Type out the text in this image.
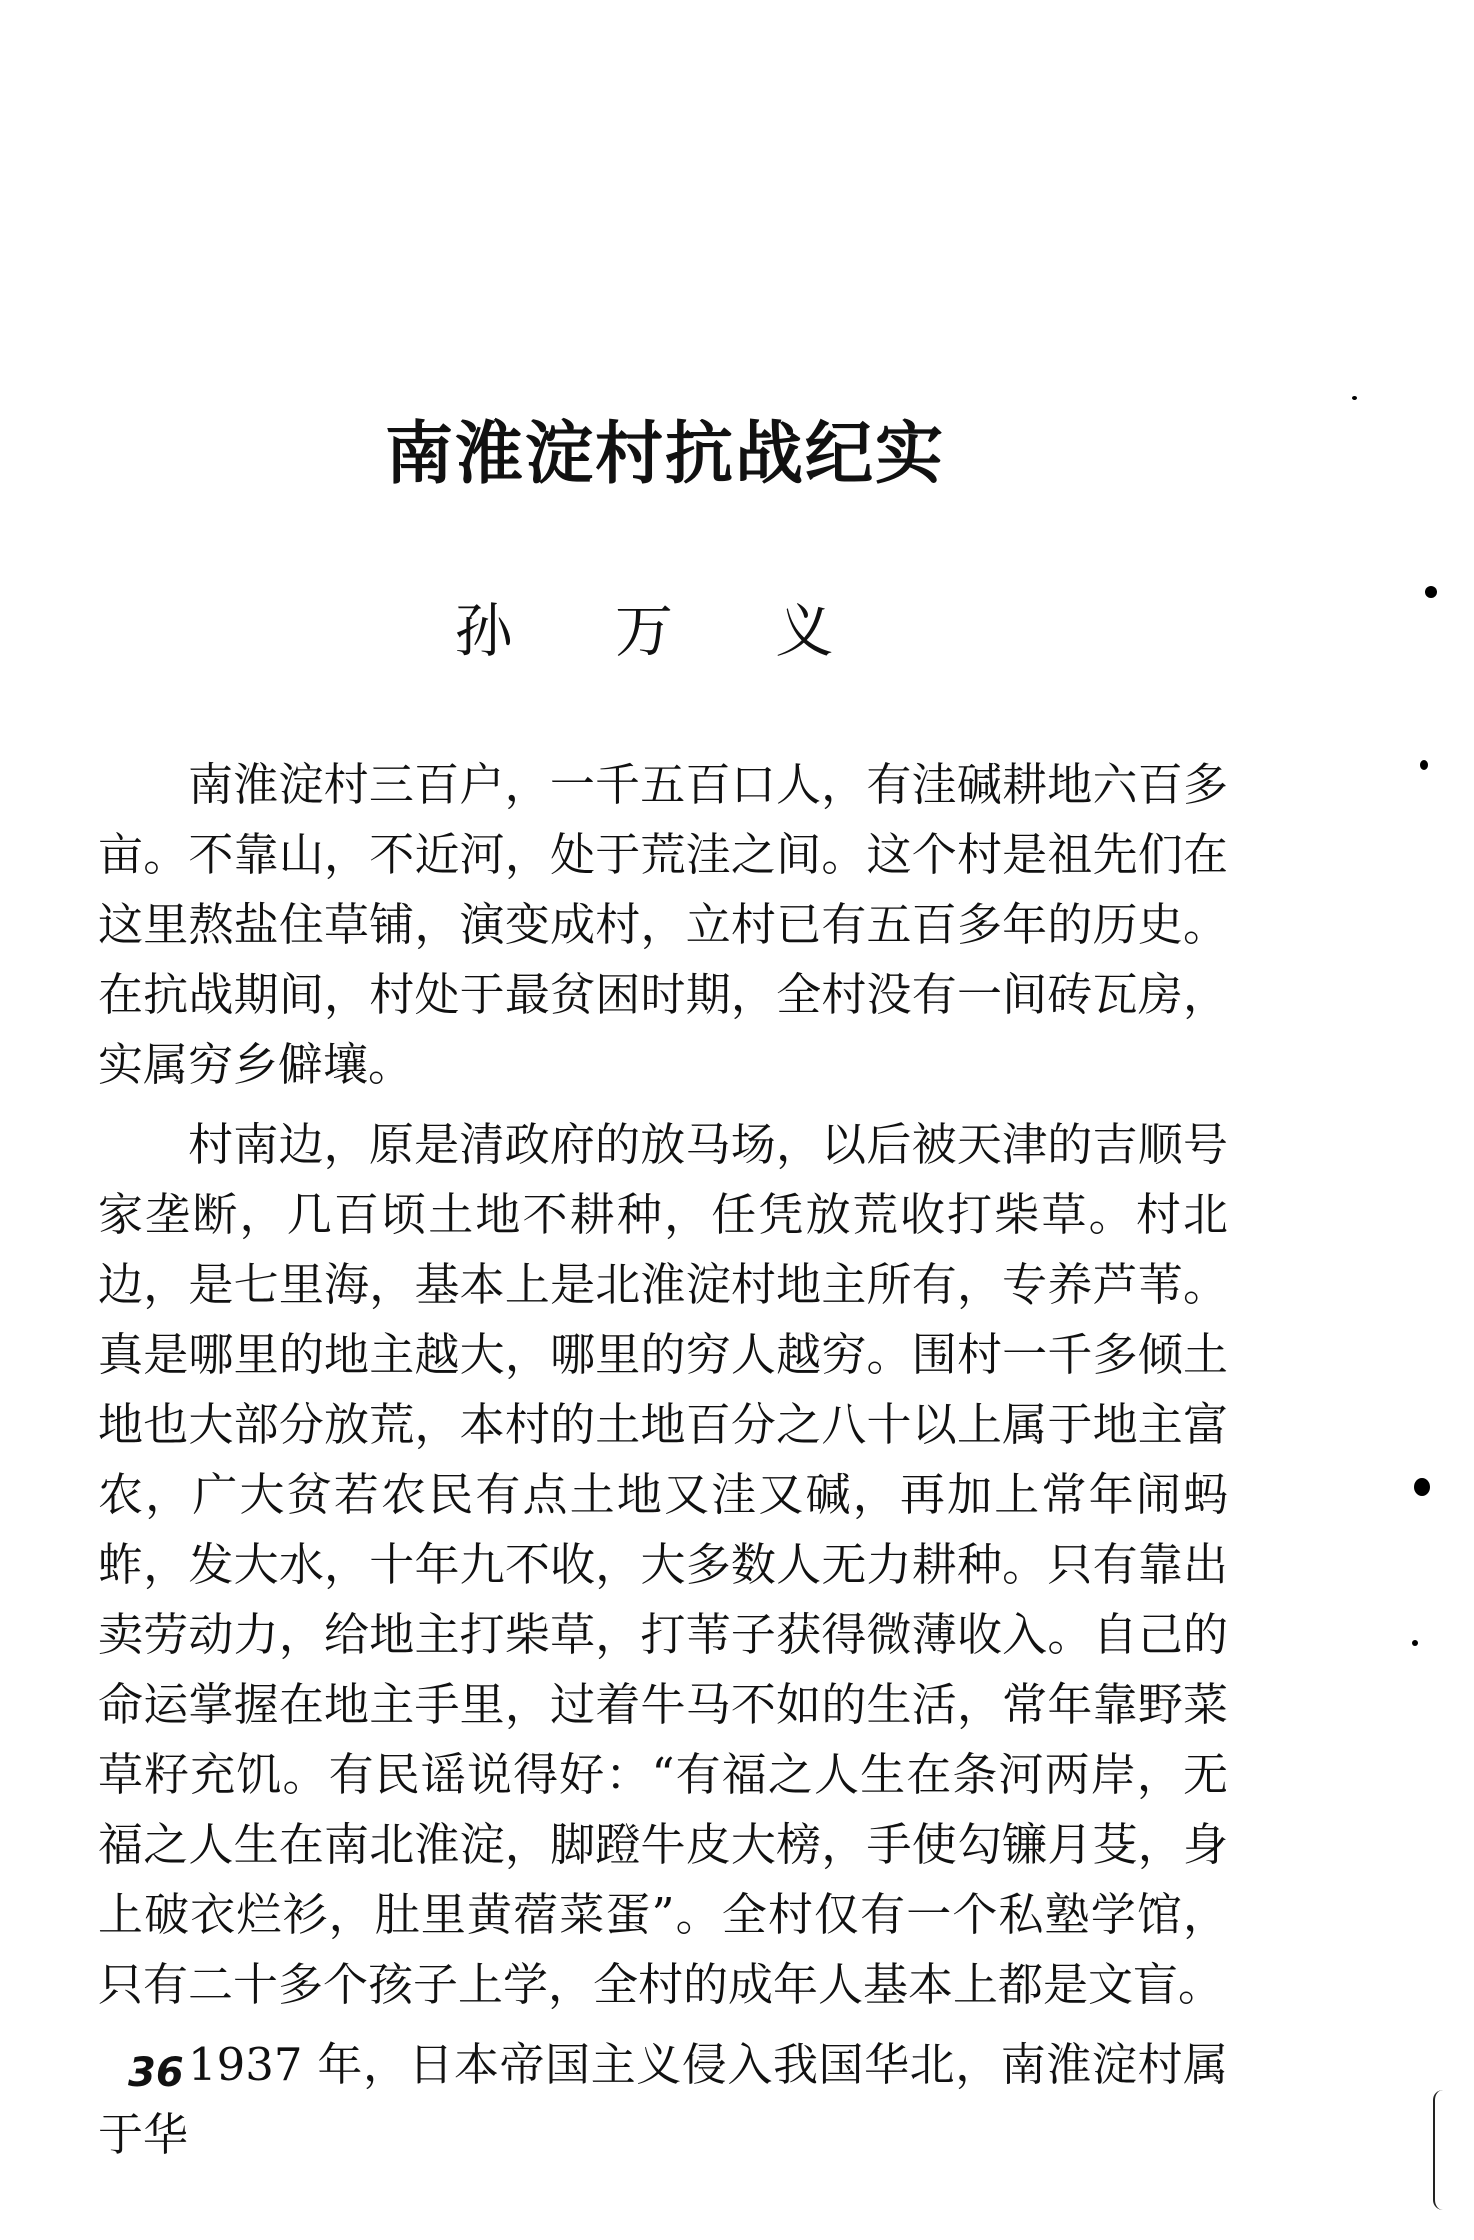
南淮淀村抗战纪实
孙 万 义

南淮淀村三百户，一千五百口人，有洼碱耕地六百多亩。不靠山，不近河，处于荒洼之间。这个村是祖先们在这里熬盐住草铺，演变成村，立村已有五百多年的历史。在抗战期间，村处于最贫困时期，全村没有一间砖瓦房，实属穷乡僻壤。

村南边，原是清政府的放马场，以后被天津的吉顺号家垄断，几百顷土地不耕种，任凭放荒收打柴草。村北边，是七里海，基本上是北淮淀村地主所有，专养芦苇。真是哪里的地主越大，哪里的穷人越穷。围村一千多倾土地也大部分放荒，本村的土地百分之八十以上属于地主富农，广大贫若农民有点土地又洼又碱，再加上常年闹蚂蚱，发大水，十年九不收，大多数人无力耕种。只有靠出卖劳动力，给地主打柴草，打苇子获得微薄收入。自己的命运掌握在地主手里，过着牛马不如的生活，常年靠野菜草籽充饥。有民谣说得好：“有福之人生在条河两岸，无福之人生在南北淮淀，脚蹬牛皮大榜，手使勾镰月芟，身上破衣烂衫，肚里黄蓿菜蛋”。全村仅有一个私塾学馆，只有二十多个孩子上学，全村的成年人基本上都是文盲。

1937 年，日本帝国主义侵入我国华北，南淮淀村属于华

36
